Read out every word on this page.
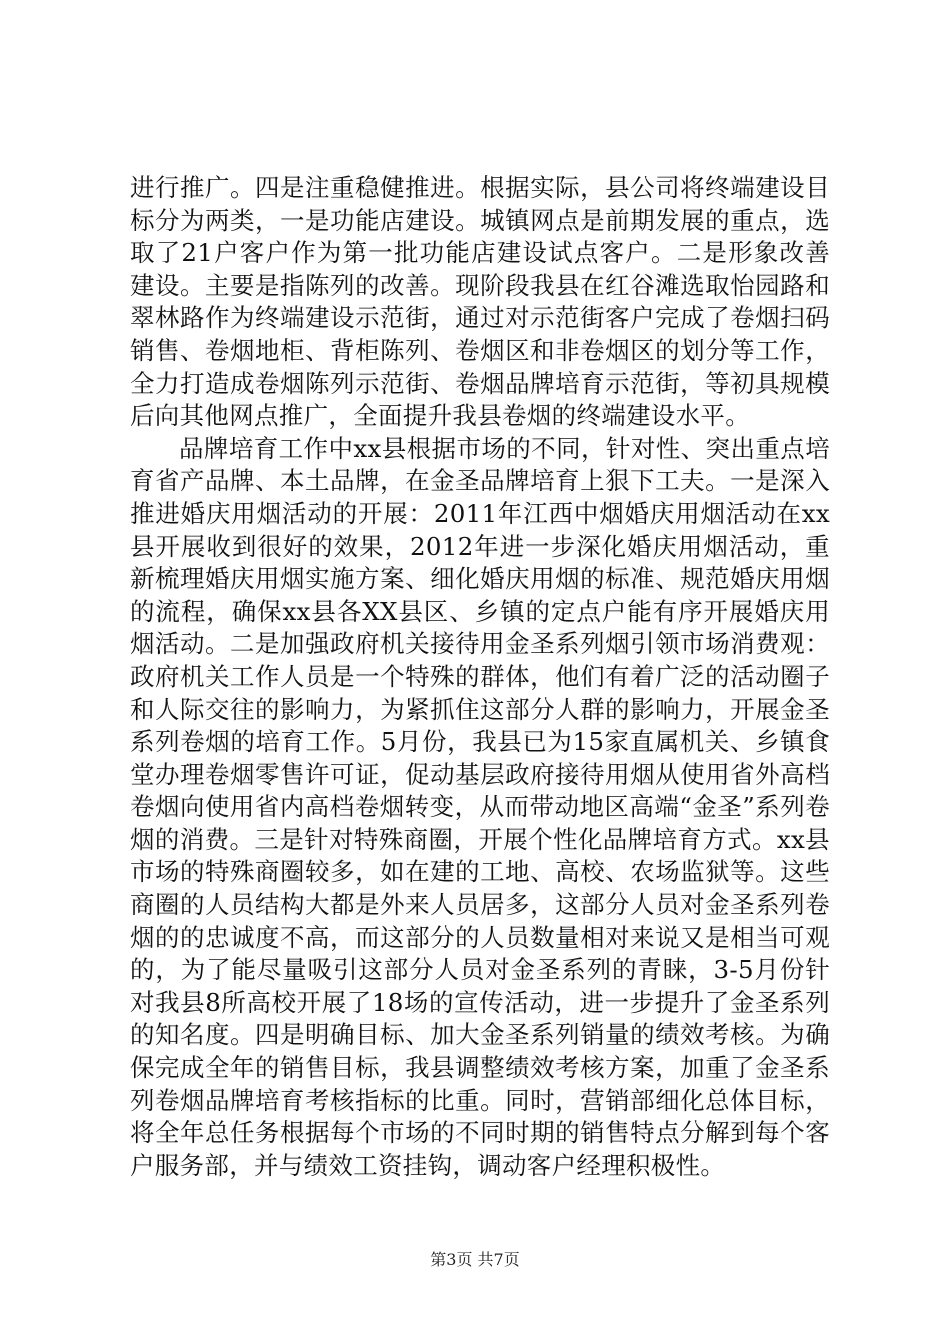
进行推广。四是注重稳健推进。根据实际，县公司将终端建设目标分为两类，一是功能店建设。城镇网点是前期发展的重点，选取了21户客户作为第一批功能店建设试点客户。二是形象改善建设。主要是指陈列的改善。现阶段我县在红谷滩选取怡园路和翠林路作为终端建设示范街，通过对示范街客户完成了卷烟扫码销售、卷烟地柜、背柜陈列、卷烟区和非卷烟区的划分等工作，全力打造成卷烟陈列示范街、卷烟品牌培育示范街，等初具规模后向其他网点推广，全面提升我县卷烟的终端建设水平。

品牌培育工作中xx县根据市场的不同，针对性、突出重点培育省产品牌、本土品牌，在金圣品牌培育上狠下工夫。一是深入推进婚庆用烟活动的开展：2011年江西中烟婚庆用烟活动在xx县开展收到很好的效果，2012年进一步深化婚庆用烟活动，重新梳理婚庆用烟实施方案、细化婚庆用烟的标准、规范婚庆用烟的流程，确保xx县各XX县区、乡镇的定点户能有序开展婚庆用烟活动。二是加强政府机关接待用金圣系列烟引领市场消费观：政府机关工作人员是一个特殊的群体，他们有着广泛的活动圈子和人际交往的影响力，为紧抓住这部分人群的影响力，开展金圣系列卷烟的培育工作。5月份，我县已为15家直属机关、乡镇食堂办理卷烟零售许可证，促动基层政府接待用烟从使用省外高档卷烟向使用省内高档卷烟转变，从而带动地区高端“金圣”系列卷烟的消费。三是针对特殊商圈，开展个性化品牌培育方式。xx县市场的特殊商圈较多，如在建的工地、高校、农场监狱等。这些商圈的人员结构大都是外来人员居多，这部分人员对金圣系列卷烟的的忠诚度不高，而这部分的人员数量相对来说又是相当可观的，为了能尽量吸引这部分人员对金圣系列的青睐，3-5月份针对我县8所高校开展了18场的宣传活动，进一步提升了金圣系列的知名度。四是明确目标、加大金圣系列销量的绩效考核。为确保完成全年的销售目标，我县调整绩效考核方案，加重了金圣系列卷烟品牌培育考核指标的比重。同时，营销部细化总体目标，将全年总任务根据每个市场的不同时期的销售特点分解到每个客户服务部，并与绩效工资挂钩，调动客户经理积极性。

第3页 共7页
